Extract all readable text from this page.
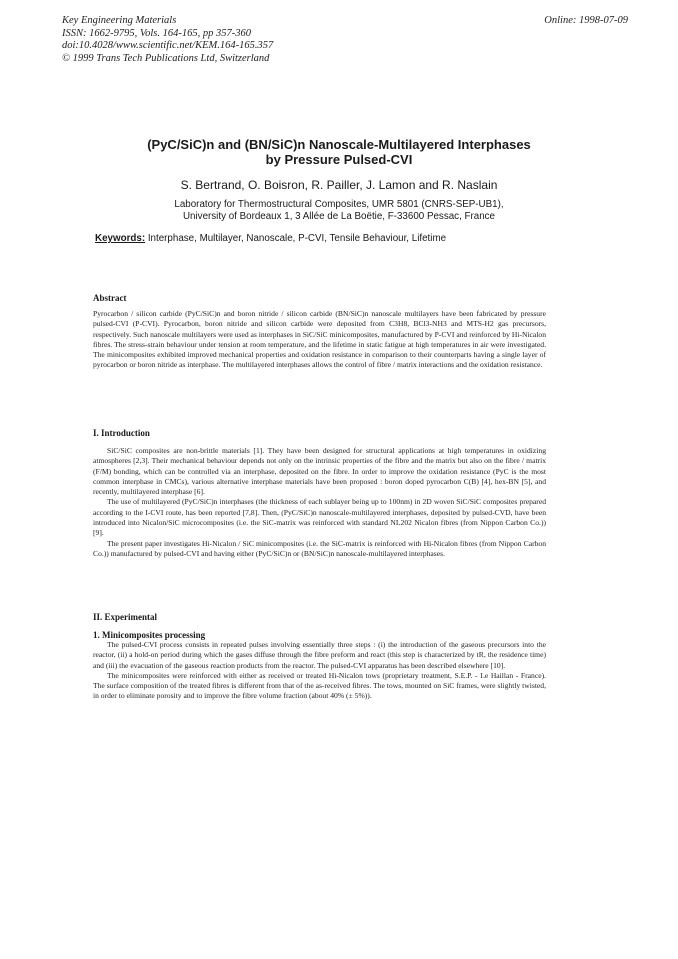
Key Engineering Materials
ISSN: 1662-9795, Vols. 164-165, pp 357-360
doi:10.4028/www.scientific.net/KEM.164-165.357
© 1999 Trans Tech Publications Ltd, Switzerland
Online: 1998-07-09
(PyC/SiC)n and (BN/SiC)n Nanoscale-Multilayered Interphases
by Pressure Pulsed-CVI
S. Bertrand, O. Boisron, R. Pailler, J. Lamon and R. Naslain
Laboratory for Thermostructural Composites, UMR 5801 (CNRS-SEP-UB1),
University of Bordeaux 1, 3 Allée de La Boëtie, F-33600 Pessac, France
Keywords: Interphase, Multilayer, Nanoscale, P-CVI, Tensile Behaviour, Lifetime
Abstract

Pyrocarbon / silicon carbide (PyC/SiC)n and boron nitride / silicon carbide (BN/SiC)n nanoscale multilayers have been fabricated by pressure pulsed-CVI (P-CVI). Pyrocarbon, boron nitride and silicon carbide were deposited from C3H8, BCl3-NH3 and MTS-H2 gas precursors, respectively. Such nanoscale multilayers were used as interphases in SiC/SiC minicomposites, manufactured by P-CVI and reinforced by Hi-Nicalon fibres. The stress-strain behaviour under tension at room temperature, and the lifetime in static fatigue at high temperatures in air were investigated. The minicomposites exhibited improved mechanical properties and oxidation resistance in comparison to their counterparts having a single layer of pyrocarbon or boron nitride as interphase. The multilayered interphases allows the control of fibre / matrix interactions and the oxidation resistance.

I. Introduction

SiC/SiC composites are non-brittle materials [1]. They have been designed for structural applications at high temperatures in oxidizing atmospheres [2,3]. Their mechanical behaviour depends not only on the intrinsic properties of the fibre and the matrix but also on the fibre / matrix (F/M) bonding, which can be controlled via an interphase, deposited on the fibre. In order to improve the oxidation resistance (PyC is the most common interphase in CMCs), various alternative interphase materials have been proposed : boron doped pyrocarbon C(B) [4], hex-BN [5], and recently, multilayered interphase [6].

The use of multilayered (PyC/SiC)n interphases (the thickness of each sublayer being up to 100nm) in 2D woven SiC/SiC composites prepared according to the I-CVI route, has been reported [7,8]. Then, (PyC/SiC)n nanoscale-multilayered interphases, deposited by pulsed-CVD, have been introduced into Nicalon/SiC microcomposites (i.e. the SiC-matrix was reinforced with standard NL202 Nicalon fibres (from Nippon Carbon Co.)) [9].

The present paper investigates Hi-Nicalon / SiC minicomposites (i.e. the SiC-matrix is reinforced with Hi-Nicalon fibres (from Nippon Carbon Co.)) manufactured by pulsed-CVI and having either (PyC/SiC)n or (BN/SiC)n nanoscale-multilayered interphases.

II. Experimental
1. Minicomposites processing

The pulsed-CVI process consists in repeated pulses involving essentially three steps : (i) the introduction of the gaseous precursors into the reactor, (ii) a hold-on period during which the gases diffuse through the fibre preform and react (this step is characterized by tR, the residence time) and (iii) the evacuation of the gaseous reaction products from the reactor. The pulsed-CVI apparatus has been described elsewhere [10].

The minicomposites were reinforced with either as received or treated Hi-Nicalon tows (proprietary treatment, S.E.P. - Le Haillan - France). The surface composition of the treated fibres is different from that of the as-received fibres. The tows, mounted on SiC frames, were slightly twisted, in order to eliminate porosity and to improve the fibre volume fraction (about 40% (± 5%)).
